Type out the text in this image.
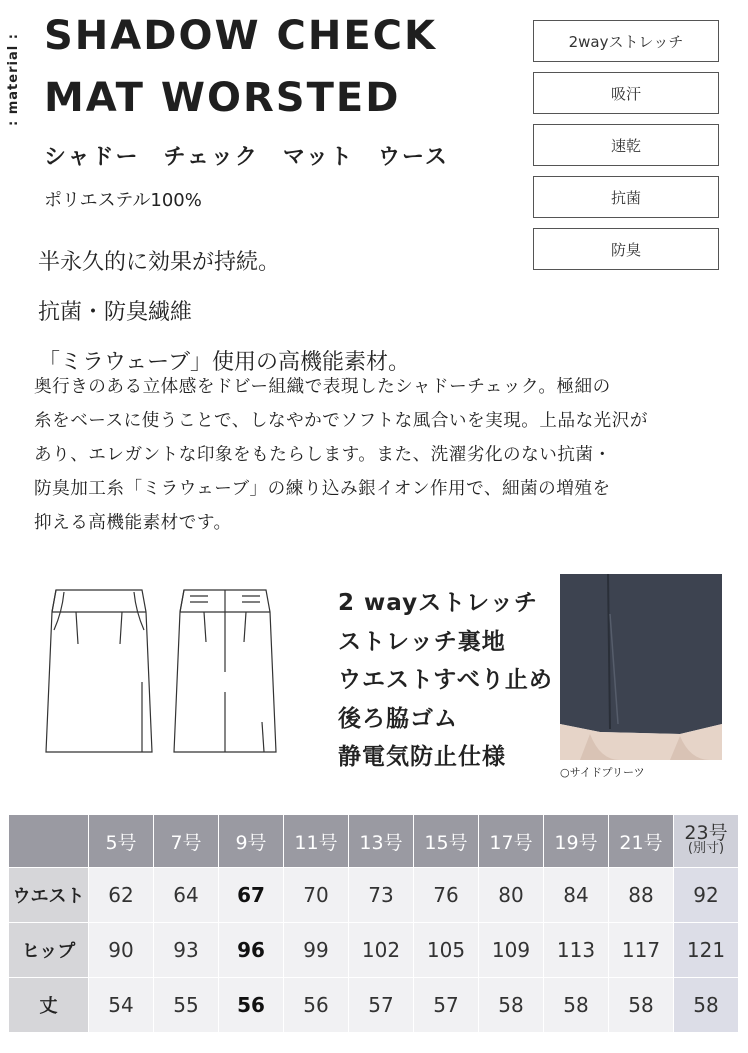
: material : SHADOW CHECK
MAT WORSTED
シャドー　チェック　マット　ウース
ポリエステル100%
2wayストレッチ
吸汗
速乾
抗菌
防臭
半永久的に効果が持続。
抗菌・防臭繊維
「ミラウェーブ」使用の高機能素材。
奥行きのある立体感をドビー組織で表現したシャドーチェック。極細の
糸をベースに使うことで、しなやかでソフトな風合いを実現。上品な光沢が
あり、エレガントな印象をもたらします。また、洗濯劣化のない抗菌・
防臭加工糸「ミラウェーブ」の練り込み銀イオン作用で、細菌の増殖を
抑える高機能素材です。
2 wayストレッチ
ストレッチ裏地
ウエストすべり止め
後ろ脇ゴム
静電気防止仕様
○サイドプリーツ
	5号	7号	9号	11号	13号	15号	17号	19号	21号	23号
(別寸)

ウエスト	62	64	67	70	73	76	80	84	88	92
ヒップ	90	93	96	99	102	105	109	113	117	121
丈	54	55	56	56	57	57	58	58	58	58
